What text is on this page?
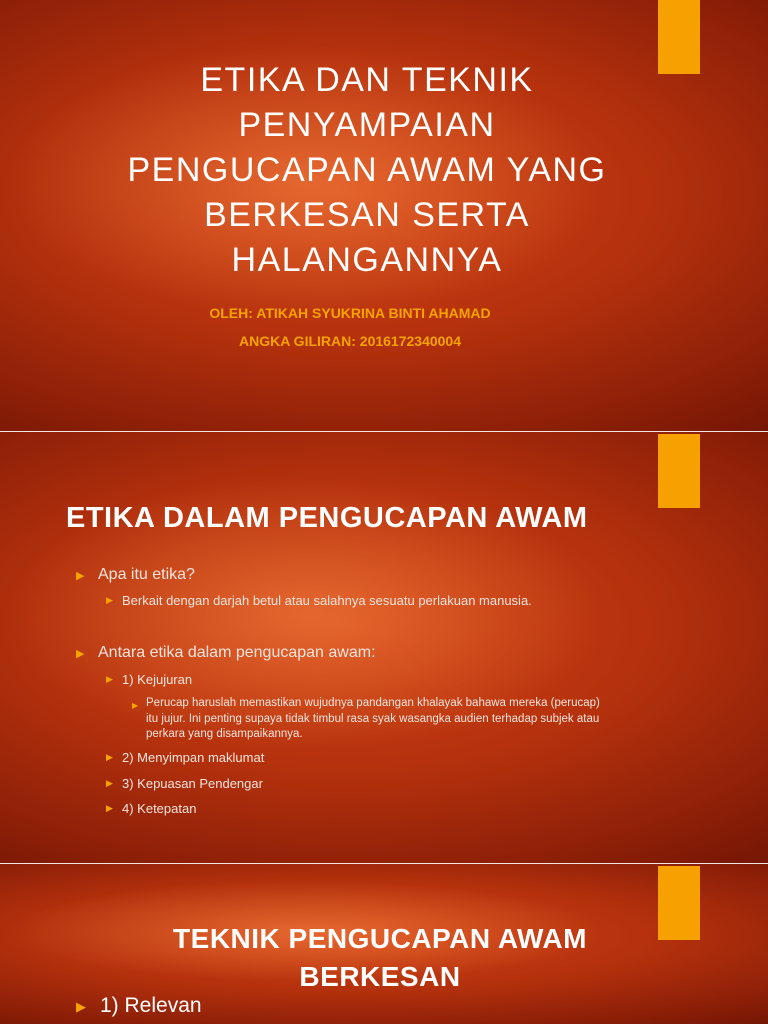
ETIKA DAN TEKNIK
PENYAMPAIAN
PENGUCAPAN AWAM YANG
BERKESAN SERTA
HALANGANNYA

OLEH: ATIKAH SYUKRINA BINTI AHAMAD

ANGKA GILIRAN: 2016172340004

ETIKA DALAM PENGUCAPAN AWAM
▶ Apa itu etika?
▶ Berkait dengan darjah betul atau salahnya sesuatu perlakuan manusia.
▶ Antara etika dalam pengucapan awam:
▶ 1) Kejujuran
▶ Perucap haruslah memastikan wujudnya pandangan khalayak bahawa mereka (perucap) itu jujur. Ini penting supaya tidak timbul rasa syak wasangka audien terhadap subjek atau perkara yang disampaikannya.
▶ 2) Menyimpan maklumat
▶ 3) Kepuasan Pendengar
▶ 4) Ketepatan
TEKNIK PENGUCAPAN AWAM
BERKESAN
▶ 1) Relevan
